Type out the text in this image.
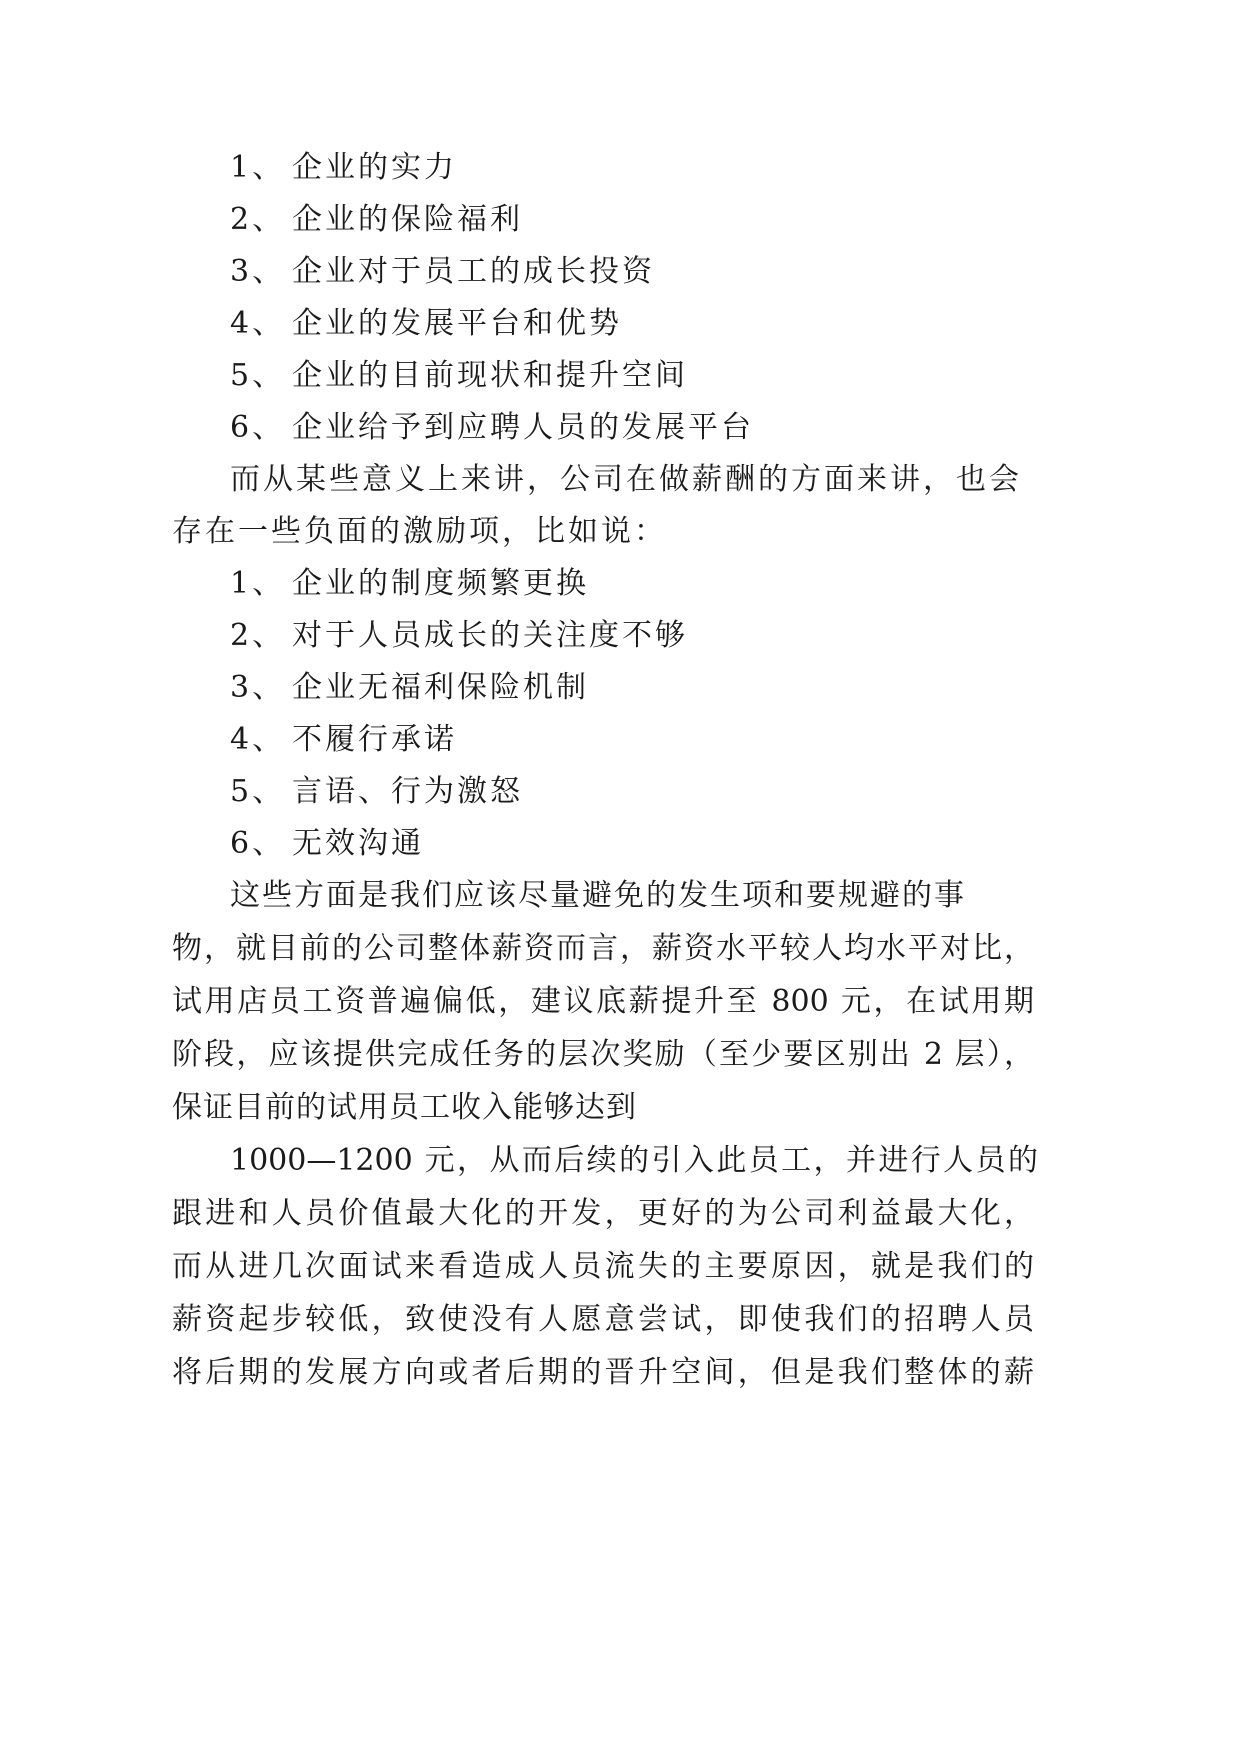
1、 企业的实力
2、 企业的保险福利
3、 企业对于员工的成长投资
4、 企业的发展平台和优势
5、 企业的目前现状和提升空间
6、 企业给予到应聘人员的发展平台
而从某些意义上来讲，公司在做薪酬的方面来讲，也会
存在一些负面的激励项，比如说：
1、 企业的制度频繁更换
2、 对于人员成长的关注度不够
3、 企业无福利保险机制
4、 不履行承诺
5、 言语、行为激怒
6、 无效沟通
这些方面是我们应该尽量避免的发生项和要规避的事
物，就目前的公司整体薪资而言，薪资水平较人均水平对比，
试用店员工资普遍偏低，建议底薪提升至 800 元，在试用期
阶段，应该提供完成任务的层次奖励（至少要区别出 2 层），
保证目前的试用员工收入能够达到
1000—1200 元，从而后续的引入此员工，并进行人员的
跟进和人员价值最大化的开发，更好的为公司利益最大化，
而从进几次面试来看造成人员流失的主要原因，就是我们的
薪资起步较低，致使没有人愿意尝试，即使我们的招聘人员
将后期的发展方向或者后期的晋升空间，但是我们整体的薪
